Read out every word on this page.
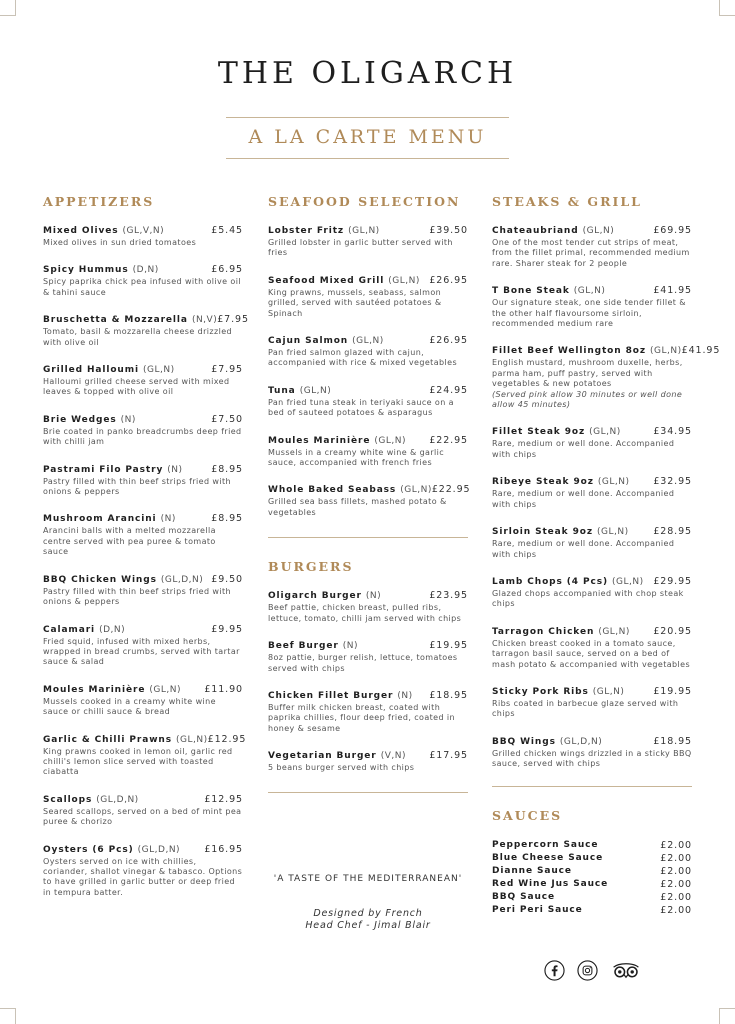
THE OLIGARCH
A LA CARTE MENU
APPETIZERS
Mixed Olives (GL,V,N)	£5.45
Mixed olives in sun dried tomatoes
Spicy Hummus (D,N)	£6.95
Spicy paprika chick pea infused with olive oil & tahini sauce
Bruschetta & Mozzarella (N,V) £7.95
Tomato, basil & mozzarella cheese drizzled with olive oil
Grilled Halloumi (GL,N)	£7.95
Halloumi grilled cheese served with mixed leaves & topped with olive oil
Brie Wedges (N)	£7.50
Brie coated in panko breadcrumbs deep fried with chilli jam
Pastrami Filo Pastry (N)	£8.95
Pastry filled with thin beef strips fried with onions & peppers
Mushroom Arancini (N)	£8.95
Arancini balls with a melted mozzarella centre served with pea puree & tomato sauce
BBQ Chicken Wings (GL,D,N) £9.50
Pastry filled with thin beef strips fried with onions & peppers
Calamari (D,N)	£9.95
Fried squid, infused with mixed herbs, wrapped in bread crumbs, served with tartar sauce & salad
Moules Marinière (GL,N) £11.90
Mussels cooked in a creamy white wine sauce or chilli sauce & bread
Garlic & Chilli Prawns (GL,N) £12.95
King prawns cooked in lemon oil, garlic red chilli's lemon slice served with toasted ciabatta
Scallops (GL,D,N)	£12.95
Seared scallops, served on a bed of mint pea puree & chorizo
Oysters (6 Pcs) (GL,D,N)	£16.95
Oysters served on ice with chillies, coriander, shallot vinegar & tabasco. Options to have grilled in garlic butter or deep fried in tempura batter.
SEAFOOD SELECTION
Lobster Fritz (GL,N)	£39.50
Grilled lobster in garlic butter served with fries
Seafood Mixed Grill (GL,N) £26.95
King prawns, mussels, seabass, salmon grilled, served with sautéed potatoes & Spinach
Cajun Salmon (GL,N)	£26.95
Pan fried salmon glazed with cajun, accompanied with rice & mixed vegetables
Tuna (GL,N)	£24.95
Pan fried tuna steak in teriyaki sauce on a bed of sauteed potatoes & asparagus
Moules Marinière (GL,N) £22.95
Mussels in a creamy white wine & garlic sauce, accompanied with french fries
Whole Baked Seabass (GL,N) £22.95
Grilled sea bass fillets, mashed potato & vegetables
BURGERS
Oligarch Burger (N)	£23.95
Beef pattie, chicken breast, pulled ribs, lettuce, tomato, chilli jam served with chips
Beef Burger (N)	£19.95
8oz pattie, burger relish, lettuce, tomatoes served with chips
Chicken Fillet Burger (N) £18.95
Buffer milk chicken breast, coated with paprika chillies, flour deep fried, coated in honey & sesame
Vegetarian Burger (V,N) £17.95
5 beans burger served with chips
STEAKS & GRILL
Chateaubriand (GL,N)	£69.95
One of the most tender cut strips of meat, from the fillet primal, recommended medium rare. Sharer steak for 2 people
T Bone Steak (GL,N)	£41.95
Our signature steak, one side tender fillet & the other half flavoursome sirloin, recommended medium rare
Fillet Beef Wellington 8oz (GL,N) £41.95
English mustard, mushroom duxelle, herbs, parma ham, puff pastry, served with vegetables & new potatoes
(Served pink allow 30 minutes or well done allow 45 minutes)
Fillet Steak 9oz (GL,N)	£34.95
Rare, medium or well done. Accompanied with chips
Ribeye Steak 9oz (GL,N)	£32.95
Rare, medium or well done. Accompanied with chips
Sirloin Steak 9oz (GL,N)	£28.95
Rare, medium or well done. Accompanied with chips
Lamb Chops (4 Pcs) (GL,N) £29.95
Glazed chops accompanied with chop steak chips
Tarragon Chicken (GL,N) £20.95
Chicken breast cooked in a tomato sauce, tarragon basil sauce, served on a bed of mash potato & accompanied with vegetables
Sticky Pork Ribs (GL,N)	£19.95
Ribs coated in barbecue glaze served with chips
BBQ Wings (GL,D,N)	£18.95
Grilled chicken wings drizzled in a sticky BBQ sauce, served with chips
SAUCES
Peppercorn Sauce	£2.00
Blue Cheese Sauce	£2.00
Dianne Sauce	£2.00
Red Wine Jus Sauce	£2.00
BBQ Sauce	£2.00
Peri Peri Sauce	£2.00
'A TASTE OF THE MEDITERRANEAN'
Designed by French
Head Chef - Jimal Blair
